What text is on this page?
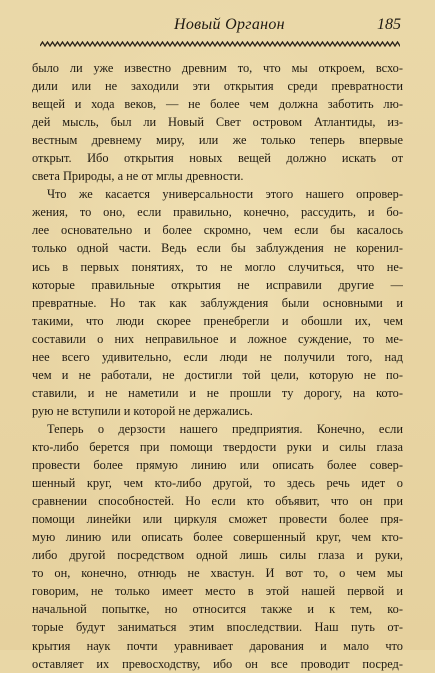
Новый Органон	185
было ли уже известно древним то, что мы откроем, всхо-
дили или не заходили эти открытия среди превратности
вещей и хода веков, — не более чем должна заботить лю-
дей мысль, был ли Новый Свет островом Атлантиды, из-
вестным древнему миру, или же только теперь впервые
открыт. Ибо открытия новых вещей должно искать от
света Природы, а не от мглы древности.
Что же касается универсальности этого нашего опровер-
жения, то оно, если правильно, конечно, рассудить, и бо-
лее основательно и более скромно, чем если бы касалось
только одной части. Ведь если бы заблуждения не коренил-
ись в первых понятиях, то не могло случиться, что не-
которые правильные открытия не исправили другие —
превратные. Но так как заблуждения были основными и
такими, что люди скорее пренебрегли и обошли их, чем
составили о них неправильное и ложное суждение, то ме-
нее всего удивительно, если люди не получили того, над
чем и не работали, не достигли той цели, которую не по-
ставили, и не наметили и не прошли ту дорогу, на кото-
рую не вступили и которой не держались.
Теперь о дерзости нашего предприятия. Конечно, если
кто-либо берется при помощи твердости руки и силы глаза
провести более прямую линию или описать более совер-
шенный круг, чем кто-либо другой, то здесь речь идет о
сравнении способностей. Но если кто объявит, что он при
помощи линейки или циркуля сможет провести более пря-
мую линию или описать более совершенный круг, чем кто-
либо другой посредством одной лишь силы глаза и руки,
то он, конечно, отнюдь не хвастун. И вот то, о чем мы
говорим, не только имеет место в этой нашей первой и
начальной попытке, но относится также и к тем, ко-
торые будут заниматься этим впоследствии. Наш путь от-
крытия наук почти уравнивает дарования и мало что
оставляет их превосходству, ибо он все проводит посред-
